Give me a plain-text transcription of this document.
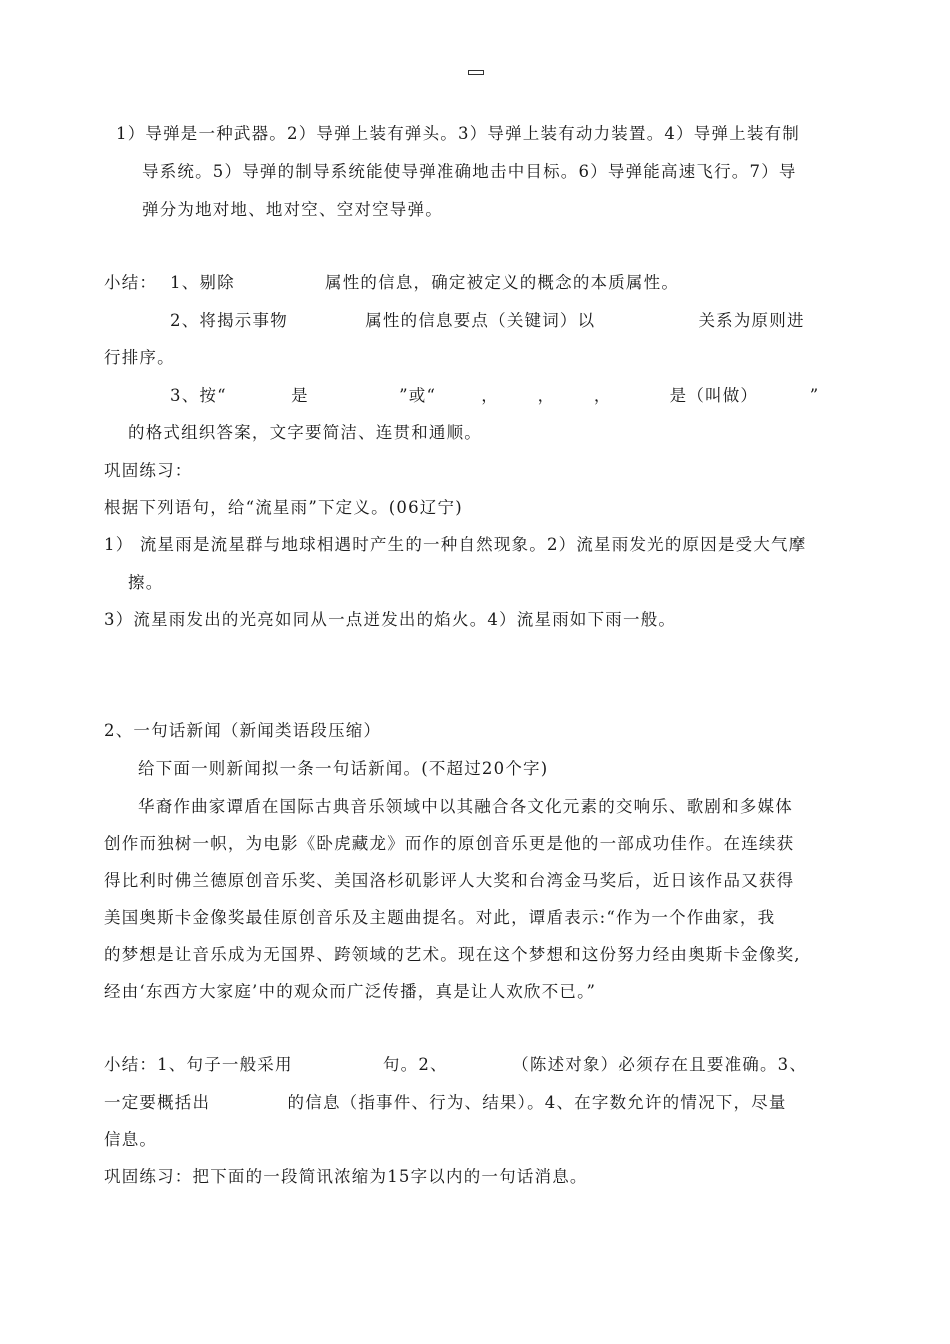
1）导弹是一种武器。2）导弹上装有弹头。3）导弹上装有动力装置。4）导弹上装有制
导系统。5）导弹的制导系统能使导弹准确地击中目标。6）导弹能高速飞行。7）导
弹分为地对地、地对空、空对空导弹。
小结：  1、剔除              属性的信息，确定被定义的概念的本质属性。
2、将揭示事物            属性的信息要点（关键词）以                关系为原则进
行排序。
3、按“          是              ”或“       ，      ，      ，         是（叫做）        ”
的格式组织答案，文字要简洁、连贯和通顺。
巩固练习：
根据下列语句，给“流星雨”下定义。(06辽宁)
1） 流星雨是流星群与地球相遇时产生的一种自然现象。2）流星雨发光的原因是受大气摩
擦。
3）流星雨发出的光亮如同从一点迸发出的焰火。4）流星雨如下雨一般。
2、一句话新闻（新闻类语段压缩）
给下面一则新闻拟一条一句话新闻。(不超过20个字)
华裔作曲家谭盾在国际古典音乐领域中以其融合各文化元素的交响乐、歌剧和多媒体
创作而独树一帜，为电影《卧虎藏龙》而作的原创音乐更是他的一部成功佳作。在连续获
得比利时佛兰德原创音乐奖、美国洛杉矶影评人大奖和台湾金马奖后，近日该作品又获得
美国奥斯卡金像奖最佳原创音乐及主题曲提名。对此，谭盾表示:“作为一个作曲家，我
的梦想是让音乐成为无国界、跨领域的艺术。现在这个梦想和这份努力经由奥斯卡金像奖,
经由‘东西方大家庭’中的观众而广泛传播，真是让人欢欣不已。”
小结：1、句子一般采用              句。2、          （陈述对象）必须存在且要准确。3、
一定要概括出            的信息（指事件、行为、结果）。4、在字数允许的情况下，尽量
信息。
巩固练习：把下面的一段简讯浓缩为15字以内的一句话消息。
